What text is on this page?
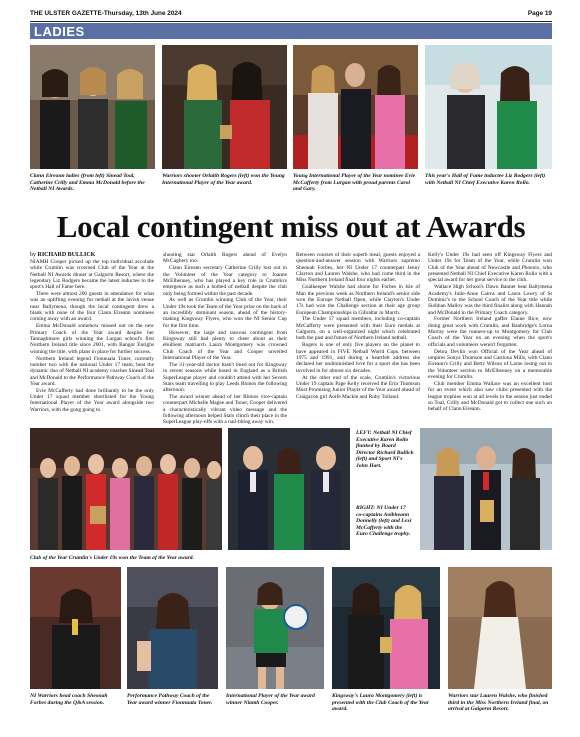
THE ULSTER GAZETTE-Thursday, 13th June 2024	Page 19
LADIES
Clann Eireann ladies (from left) Sinead Toal, Catherine Crilly and Emma McDonald before the Netball NI Awards.
Warriors shooter Orlaith Rogers (left) won the Young International Player of the Year award.
Young International Player of the Year nominee Evie McCafferty from Lurgan with proud parents Carol and Gary.
This year's Hall of Fame inductee Liz Rodgers (left) with Netball NI Chief Executive Karen Rollo.
Local contingent miss out at Awards

by RICHARD BULLICK

NIAMH Cooper picked up the top individual accolade while Crumlin was crowned Club of the Year at the Netball NI Awards dinner at Galgorm Resort, where the legendary Liz Rodgers became the latest inductee to the sport's Hall of Fame here.

There were almost 200 guests in attendance for what was an uplifting evening for netball at the lavish venue near Ballymena, though the local contingent drew a blank with none of the four Clann Eireann nominees coming away with an award.

Emma McDonald somehow missed out on the new Primary Coach of the Year award despite her Tannaghmore girls winning the Lurgan school's first Northern Ireland title since 2001, with Bangor Enrighs winning the title, with plans in place for further success.

Northern Ireland legend Fionnuala Toner, currently number two with the national Under 17 team, beat the dynamic duo of Netball NI academy coaches Sinead Toal and McDonald to the Performance Pathway Coach of the Year award.

Evie McCafferty had done brilliantly to be the only Under 17 squad member shortlisted for the Young International Player of the Year award alongside two Warriors, with the gong going to

shooting star Orlaith Rogers ahead of Evelyn McCaghery too.

Clann Eireann secretary Catherine Crilly lost out in the Volunteer of the Year category to Joanne McElhenney, who has played a key role in Crumlin's emergence as such a hotbed of netball despite the club only being formed within the past decade.

As well as Crumlin winning Club of the Year, their Under 19s took the Team of the Year prize on the back of an incredibly dominant season, ahead of the history-making Kingsway Flyers, who won the NI Senior Cup for the first time.

However, the large and raucous contingent from Kingsway still had plenty to cheer about as their ebullient matriarch Laura Montgomery was crowned Club Coach of the Year and Cooper unveiled International Player of the Year.

The 31-year-old doctor hasn't lined out for Kingsway in recent seasons while based in England as a British SuperLeague player and couldn't attend with her Severn Stars team travelling to play Leeds Rhinos the following afternoon.

The award winner ahead of her Rhinos vice-captain counterpart Michelle Magee and Toner, Cooper delivered a characteristically vibrant video message and the following afternoon helped Stars clinch their place in the SuperLeague play-offs with a nail-biting away win.

Between courses of their superb meal, guests enjoyed a question-and-answer session with Warriors supremo Sheonah Forbes, her NI Under 17 counterpart Jenny Clayton and Lauren Walshe, who had come third in the Miss Northern Ireland final four nights earlier.

Goalkeeper Walshe had shone for Forbes in Isle of Man the previous week as Northern Ireland's senior side won the Europe Netball Open, while Clayton's Under 17s had won the Challenge section at their age group European Championships in Gibraltar in March.

The Under 17 squad members, including co-captain McCafferty were presented with their Euro medals at Galgorm, on a well-organized night which celebrated both the past and future of Northern Ireland netball.

Rogers is one of only five players on the planet to have appeared in FIVE Netball World Cups, between 1975 and 1991, and during a heartfelt address she declared her undiminished love for a sport she has been involved in for almost six decades.

At the other end of the scale, Crumlin's victorious Under 19 captain Page Kelly received the Erin Thomson Most Promising Junior Player of the Year award ahead of Craigavon girl Aoife Mackle and Ruby Tolland.

Kelly's Under 19s had seen off Kingsway Flyers and Under 19s for Team of the Year, while Crumlin won Club of the Year ahead of Newcastle and Phoenix, who presented Netball NI Chief Executive Karen Rollo with a special award for her great service to the club.

Wallace High School's Dawn Banner beat Ballymena Academy's Julie-Anne Cairns and Laura Lowry of St Dominic's to the School Coach of the Year title while Siobhan Malloy was the third finalist along with Hannah and McDonald in the Primary Coach category.

Former Northern Ireland gaffer Elaine Rice, now doing great work with Crumlin, and Banbridge's Lorna Murray were the runners-up to Montgomery for Club Coach of the Year on an evening when the sport's officials and volunteers weren't forgotten.

Debra Devlin won Official of the Year ahead of umpires Sonya Thomson and Catriona Mills, with Clann Eireann's Crilly and Betty Wilson of Larne losing out in the Volunteer section to McElhenney on a memorable evening for Crumlin.

Club member Emma Wallace was an excellent host for an event which also saw clubs presented with the league trophies won at all levels in the season just ended so Toal, Crilly and McDonald got to collect one such on behalf of Clann Eireann.

LEFT: Netball NI Chief Executive Karen Rollo flanked by Board Director Richard Bullick (left) and Sport NI's John Hart.
RIGHT: NI Under 17 co-captains Aoibheann Donnelly (left) and Lexi McCafferty with the Euro Challenge trophy.
Club of the Year Crumlin's Under 19s won the Team of the Year award.
NI Warriors head coach Sheonah Forbes during the Q&A session.
Performance Pathway Coach of the Year award winner Fionnuala Toner.
International Player of the Year award winner Niamh Cooper.
Kingsway's Laura Montgomery (left) is presented with the Club Coach of the Year award.
Warriors star Lauren Walshe, who finished third in the Miss Northern Ireland final, on arrival at Galgorm Resort.
